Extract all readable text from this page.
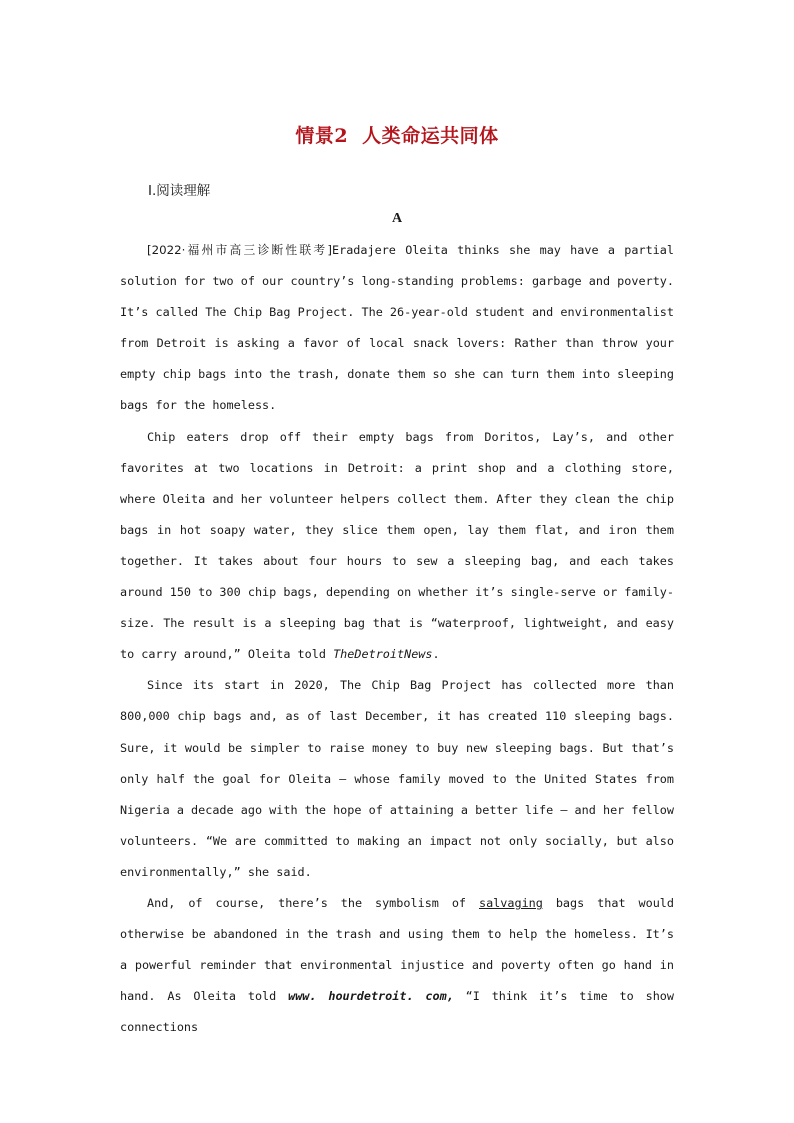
情景2 人类命运共同体
Ⅰ.阅读理解
A

[2022·福州市高三诊断性联考]Eradajere Oleita thinks she may have a partial solution for two of our country’s long-standing problems: garbage and poverty. It’s called The Chip Bag Project. The 26-year-old student and environmentalist from Detroit is asking a favor of local snack lovers: Rather than throw your empty chip bags into the trash, donate them so she can turn them into sleeping bags for the homeless.

Chip eaters drop off their empty bags from Doritos, Lay’s, and other favorites at two locations in Detroit: a print shop and a clothing store, where Oleita and her volunteer helpers collect them. After they clean the chip bags in hot soapy water, they slice them open, lay them flat, and iron them together. It takes about four hours to sew a sleeping bag, and each takes around 150 to 300 chip bags, depending on whether it’s single-serve or family-size. The result is a sleeping bag that is “waterproof, lightweight, and easy to carry around,” Oleita told TheDetroitNews.

Since its start in 2020, The Chip Bag Project has collected more than 800,000 chip bags and, as of last December, it has created 110 sleeping bags. Sure, it would be simpler to raise money to buy new sleeping bags. But that’s only half the goal for Oleita — whose family moved to the United States from Nigeria a decade ago with the hope of attaining a better life — and her fellow volunteers. “We are committed to making an impact not only socially, but also environmentally,” she said.

And, of course, there’s the symbolism of salvaging bags that would otherwise be abandoned in the trash and using them to help the homeless. It’s a powerful reminder that environmental injustice and poverty often go hand in hand. As Oleita told www. hourdetroit. com, “I think it’s time to show connections
